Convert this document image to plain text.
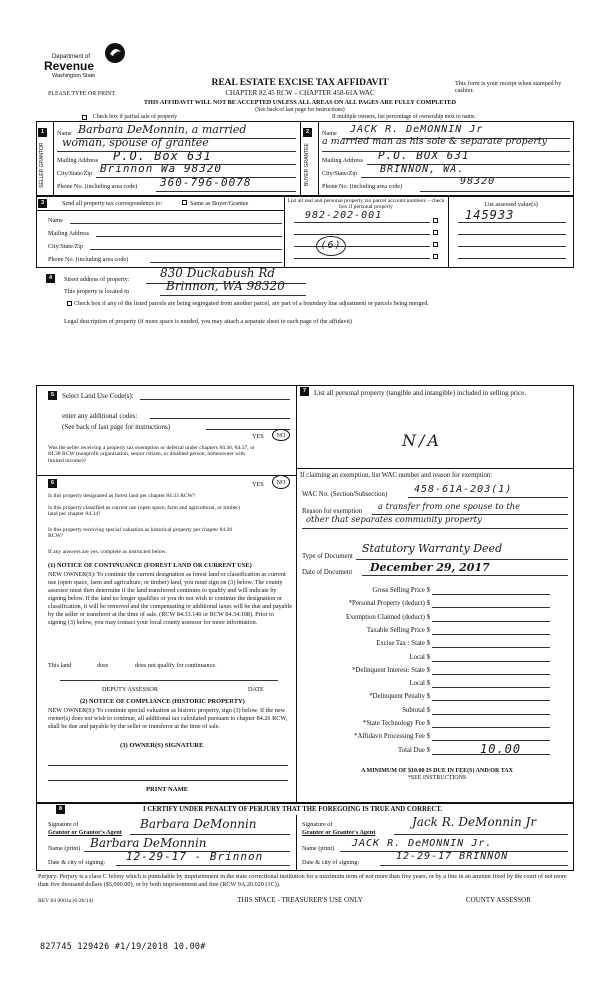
Department of
Revenue
Washington State
PLEASE TYPE OR PRINT
REAL ESTATE EXCISE TAX AFFIDAVIT
CHAPTER 82.45 RCW – CHAPTER 458-61A WAC
This form is your receipt when stamped by cashier.
THIS AFFIDAVIT WILL NOT BE ACCEPTED UNLESS ALL AREAS ON ALL PAGES ARE FULLY COMPLETED
(See back of last page for instructions)
Check box if partial sale of property	If multiple owners, list percentage of ownership next to name.
1
SELLER GRANTOR
Name Barbara DeMonnin, a married
woman, spouse of grantee
Mailing Address P.O. Box 631
City/State/Zip Brinnon Wa 98320
Phone No. (including area code) 360-796-0078
2
BUYER GRANTEE
Name JACK R. DeMONNIN Jr
a married man as his sole & separate property
Mailing Address P.O. BOX 631
City/State/Zip BRINNON, WA.
Phone No. (including area code)	98320
3	Send all property tax correspondence to:	Same as Buyer/Grantee
Name
Mailing Address
City/State/Zip
Phone No. (including area code)
List all real and personal property tax parcel account numbers – check box if personal property	List assessed value(s)
982-202-001	145933
(6)
4	Street address of property:	830 Duckabush Rd
This property is located in	Brinnon, WA 98320
Check box if any of the listed parcels are being segregated from another parcel, are part of a boundary line adjustment or parcels being merged.
Legal description of property (if more space is needed, you may attach a separate sheet to each page of the affidavit)
5	Select Land Use Code(s):
enter any additional codes:
(See back of last page for instructions)
YES	NO
Was the seller receiving a property tax exemption or deferral under chapters 84.36, 84.37, or 84.38 RCW (nonprofit organization, senior citizen, or disabled person, homeowner with limited income)?
6	YES	NO
Is this property designated as forest land per chapter 84.33 RCW?
Is this property classified as current use (open space, farm and agricultural, or timber) land per chapter 84.34?
Is this property receiving special valuation as historical property per chapter 84.26 RCW?
If any answers are yes, complete as instructed below.
(1) NOTICE OF CONTINUANCE (FOREST LAND OR CURRENT USE)
NEW OWNER(S): To continue the current designation as forest land or classification as current use (open space, farm and agriculture, or timber) land, you must sign on (3) below. The county assessor must then determine if the land transferred continues to qualify and will indicate by signing below. If the land no longer qualifies or you do not wish to continue the designation or classification, it will be removed and the compensating or additional taxes will be due and payable by the seller or transferor at the time of sale. (RCW 84.33.140 or RCW 84.34.108). Prior to signing (3) below, you may contact your local county assessor for more information.
This land	does	does not qualify for continuance.
DEPUTY ASSESSOR	DATE
(2) NOTICE OF COMPLIANCE (HISTORIC PROPERTY)
NEW OWNER(S): To continue special valuation as historic property, sign (3) below. If the new owner(s) does not wish to continue, all additional tax calculated pursuant to chapter 84.26 RCW, shall be due and payable by the seller or transferor at the time of sale.
(3) OWNER(S) SIGNATURE
PRINT NAME
7	List all personal property (tangible and intangible) included in selling price.
N/A
If claiming an exemption, list WAC number and reason for exemption:
WAC No. (Section/Subsection)	458-61A-203(1)
Reason for exemption
a transfer from one spouse to the
other that separates community property
Type of Document
Statutory Warranty Deed
Date of Document December 29, 2017
Gross Selling Price $
*Personal Property (deduct) $
Exemption Claimed (deduct) $
Taxable Selling Price $
Excise Tax : State $
Local $
*Delinquent Interest: State $
Local $
*Delinquent Penalty $
Subtotal $
*State Technology Fee $
*Affidavit Processing Fee $
Total Due $	10.00
A MINIMUM OF $10.00 IS DUE IN FEE(S) AND/OR TAX
*SEE INSTRUCTIONS
8	I CERTIFY UNDER PENALTY OF PERJURY THAT THE FOREGOING IS TRUE AND CORRECT.
Signature of
Grantor or Grantor's Agent
Barbara DeMonnin
Name (print) Barbara DeMonnin
Date & city of signing: 12-29-17 - Brinnon
Signature of
Grantee or Grantee's Agent
Jack R. DeMonnin Jr
Name (print) JACK R. DeMONNIN Jr.
Date & city of signing:
12-29-17 BRINNON
Perjury: Perjury is a class C felony which is punishable by imprisonment in the state correctional institution for a maximum term of not more than five years, or by a fine in an amount fixed by the court of not more than five thousand dollars ($5,000.00), or by both imprisonment and fine (RCW 9A.20.020 (1C)).
REV 84 0001a (6/26/14)	THIS SPACE - TREASURER'S USE ONLY	COUNTY ASSESSOR
827745 129426 #1/19/2018 10.00#
